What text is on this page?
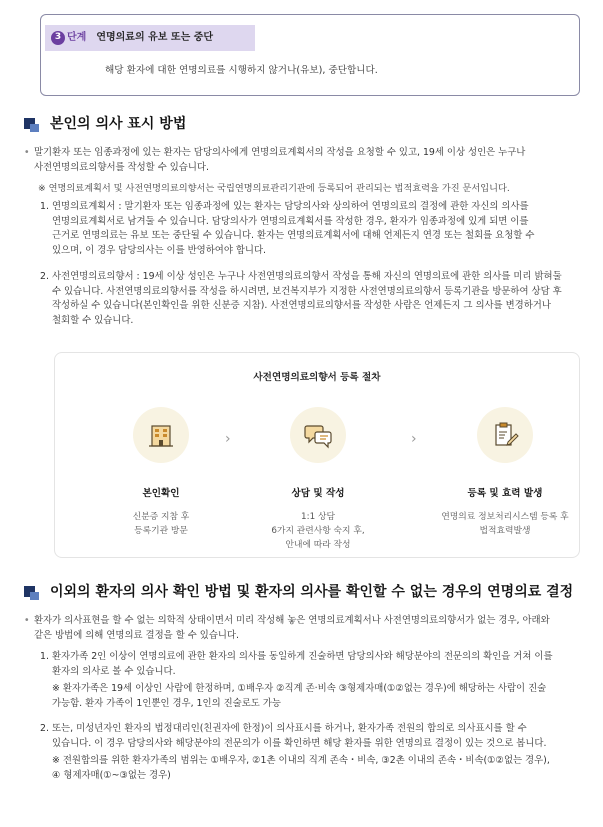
3 단계 연명의료의 유보 또는 중단
해당 환자에 대한 연명의료를 시행하지 않거나(유보), 중단합니다.
본인의 의사 표시 방법
• 말기환자 또는 임종과정에 있는 환자는 담당의사에게 연명의료계획서의 작성을 요청할 수 있고, 19세 이상 성인은 누구나
사전연명의료의향서를 작성할 수 있습니다.
※ 연명의료계획서 및 사전연명의료의향서는 국립연명의료관리기관에 등록되어 관리되는 법적효력을 가진 문서입니다.
1. 연명의료계획서 : 말기환자 또는 임종과정에 있는 환자는 담당의사와 상의하여 연명의료의 결정에 관한 자신의 의사를
연명의료계획서로 남겨둘 수 있습니다. 담당의사가 연명의료계획서를 작성한 경우, 환자가 임종과정에 있게 되면 이를
근거로 연명의료는 유보 또는 중단될 수 있습니다. 환자는 연명의료계획서에 대해 언제든지 연경 또는 철회를 요청할 수
있으며, 이 경우 담당의사는 이를 반영하여야 합니다.
2. 사전연명의료의향서 : 19세 이상 성인은 누구나 사전연명의료의향서 작성을 통해 자신의 연명의료에 관한 의사를 미리 밝혀둘
수 있습니다. 사전연명의료의향서를 작성을 하시려면, 보건복지부가 지정한 사전연명의료의향서 등록기관을 방문하여 상담 후
작성하실 수 있습니다(본인확인을 위한 신분증 지참). 사전연명의료의향서를 작성한 사람은 언제든지 그 의사를 변경하거나
철회할 수 있습니다.
사전연명의료의향서 등록 절차
본인확인
신분증 지참 후
등록기관 방문
›
상담 및 작성
1:1 상담
6가지 관련사항 숙지 후,
안내에 따라 작성
›
등록 및 효력 발생
연명의료 정보처리시스템 등록 후
법적효력발생
이외의 환자의 의사 확인 방법 및 환자의 의사를 확인할 수 없는 경우의 연명의료 결정
• 환자가 의사표현을 할 수 없는 의학적 상태이면서 미리 작성해 놓은 연명의료계획서나 사전연명의료의향서가 없는 경우, 아래와
같은 방법에 의해 연명의료 결정을 할 수 있습니다.
1. 환자가족 2인 이상이 연명의료에 관한 환자의 의사를 동일하게 진술하면 담당의사와 해당분야의 전문의의 확인을 거쳐 이를
환자의 의사로 볼 수 있습니다.
※ 환자가족은 19세 이상인 사람에 한정하며, ①배우자 ②직계 존·비속 ③형제자매(①②없는 경우)에 해당하는 사람이 진술
가능함. 환자 가족이 1인뿐인 경우, 1인의 진술로도 가능
2. 또는, 미성년자인 환자의 법정대리인(친권자에 한정)이 의사표시를 하거나, 환자가족 전원의 합의로 의사표시를 할 수
있습니다. 이 경우 담당의사와 해당분야의 전문의가 이를 확인하면 해당 환자를 위한 연명의료 결정이 있는 것으로 봅니다.
※ 전원합의를 위한 환자가족의 범위는 ①배우자, ②1촌 이내의 직계 존속・비속, ③2촌 이내의 존속・비속(①②없는 경우),
④ 형제자매(①~③없는 경우)
